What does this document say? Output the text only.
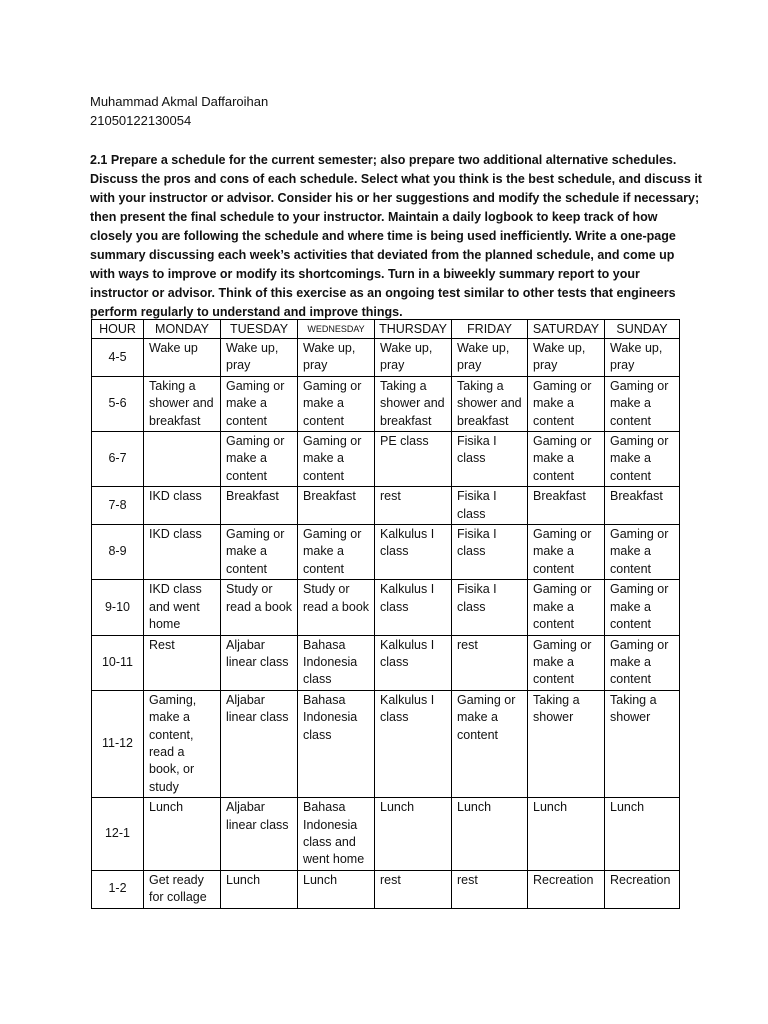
Muhammad Akmal Daffaroihan

21050122130054

2.1 Prepare a schedule for the current semester; also prepare two additional alternative schedules.
Discuss the pros and cons of each schedule. Select what you think is the best schedule, and discuss it
with your instructor or advisor. Consider his or her suggestions and modify the schedule if necessary;
then present the final schedule to your instructor. Maintain a daily logbook to keep track of how
closely you are following the schedule and where time is being used inefficiently. Write a one-page
summary discussing each week’s activities that deviated from the planned schedule, and come up
with ways to improve or modify its shortcomings. Turn in a biweekly summary report to your
instructor or advisor. Think of this exercise as an ongoing test similar to other tests that engineers
perform regularly to understand and improve things.
HOUR	MONDAY	TUESDAY	WEDNESDAY	THURSDAY	FRIDAY	SATURDAY	SUNDAY
4-5	Wake up	Wake up, pray	Wake up, pray	Wake up, pray	Wake up, pray	Wake up, pray	Wake up, pray
5-6	Taking a shower and breakfast	Gaming or make a content	Gaming or make a content	Taking a shower and breakfast	Taking a shower and breakfast	Gaming or make a content	Gaming or make a content
6-7		Gaming or make a content	Gaming or make a content	PE class	Fisika I class	Gaming or make a content	Gaming or make a content
7-8	IKD class	Breakfast	Breakfast	rest	Fisika I class	Breakfast	Breakfast
8-9	IKD class	Gaming or make a content	Gaming or make a content	Kalkulus I class	Fisika I class	Gaming or make a content	Gaming or make a content
9-10	IKD class and went home	Study or read a book	Study or read a book	Kalkulus I class	Fisika I class	Gaming or make a content	Gaming or make a content
10-11	Rest	Aljabar linear class	Bahasa Indonesia class	Kalkulus I class	rest	Gaming or make a content	Gaming or make a content
11-12	Gaming, make a content, read a book, or study	Aljabar linear class	Bahasa Indonesia class	Kalkulus I class	Gaming or make a content	Taking a shower	Taking a shower
12-1	Lunch	Aljabar linear class	Bahasa Indonesia class and went home	Lunch	Lunch	Lunch	Lunch
1-2	Get ready for collage	Lunch	Lunch	rest	rest	Recreation	Recreation
